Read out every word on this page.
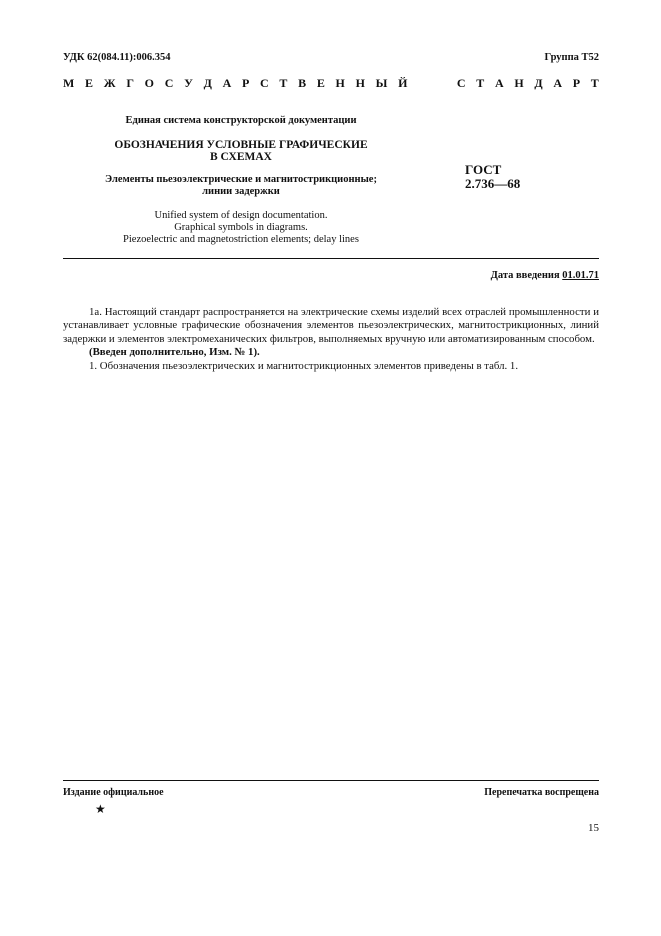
УДК 62(084.11):006.354	Группа Т52
М Е Ж Г О С У Д А Р С Т В Е Н Н Ы Й	С Т А Н Д А Р Т
Единая система конструкторской документации
ОБОЗНАЧЕНИЯ УСЛОВНЫЕ ГРАФИЧЕСКИЕ
В СХЕМАХ
Элементы пьезоэлектрические и магнитострикционные;
линии задержки
Unified system of design documentation.
Graphical symbols in diagrams.
Piezoelectric and magnetostriction elements; delay lines
ГОСТ
2.736—68
Дата введения 01.01.71

1а. Настоящий стандарт распространяется на электрические схемы изделий всех отраслей промышленности и устанавливает условные графические обозначения элементов пьезоэлектрических, магнитострикционных, линий задержки и элементов электромеханических фильтров, выполняемых вручную или автоматизированным способом.

(Введен дополнительно, Изм. № 1).

1. Обозначения пьезоэлектрических и магнитострикционных элементов приведены в табл. 1.

Издание официальное	Перепечатка воспрещена
★
15
